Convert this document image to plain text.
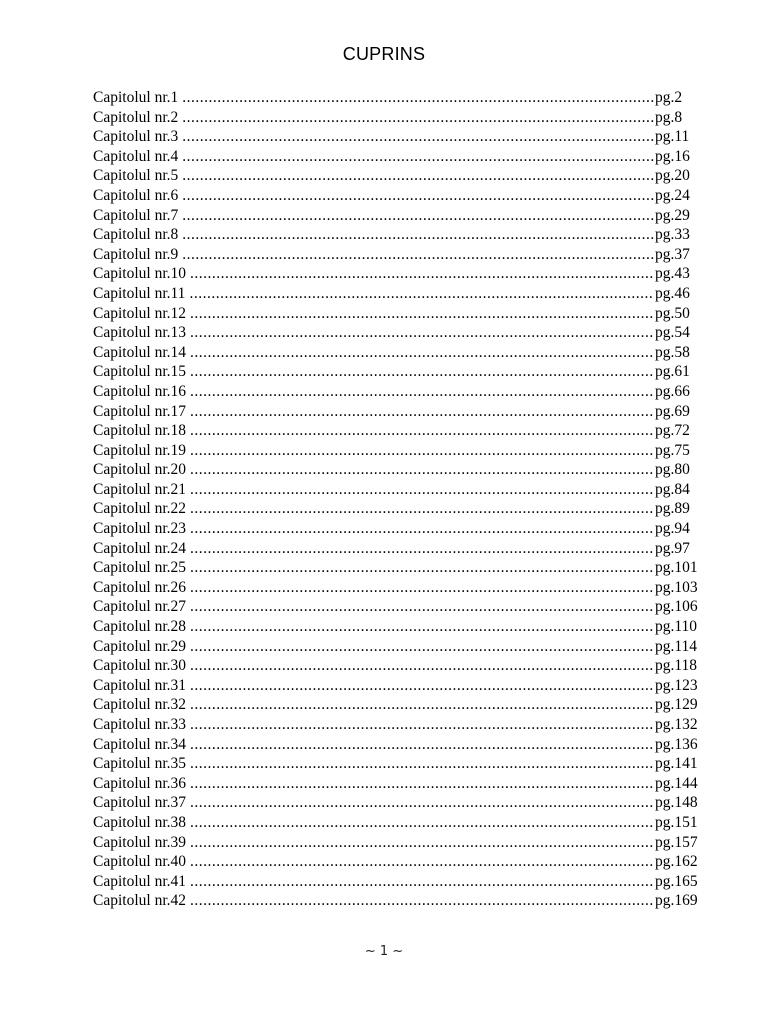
CUPRINS
Capitolul nr.1 .....	pg.2
Capitolul nr.2 .....	pg.8
Capitolul nr.3 .....	pg.11
Capitolul nr.4 .....	pg.16
Capitolul nr.5 .....	pg.20
Capitolul nr.6 .....	pg.24
Capitolul nr.7 .....	pg.29
Capitolul nr.8 .....	pg.33
Capitolul nr.9 .....	pg.37
Capitolul nr.10 .....	pg.43
Capitolul nr.11 .....	pg.46
Capitolul nr.12 .....	pg.50
Capitolul nr.13 .....	pg.54
Capitolul nr.14 .....	pg.58
Capitolul nr.15 .....	pg.61
Capitolul nr.16 .....	pg.66
Capitolul nr.17 .....	pg.69
Capitolul nr.18 .....	pg.72
Capitolul nr.19 .....	pg.75
Capitolul nr.20 .....	pg.80
Capitolul nr.21 .....	pg.84
Capitolul nr.22 .....	pg.89
Capitolul nr.23 .....	pg.94
Capitolul nr.24 .....	pg.97
Capitolul nr.25 .....	pg.101
Capitolul nr.26 .....	pg.103
Capitolul nr.27 .....	pg.106
Capitolul nr.28 .....	pg.110
Capitolul nr.29 .....	pg.114
Capitolul nr.30 .....	pg.118
Capitolul nr.31 .....	pg.123
Capitolul nr.32 .....	pg.129
Capitolul nr.33 .....	pg.132
Capitolul nr.34 .....	pg.136
Capitolul nr.35 .....	pg.141
Capitolul nr.36 .....	pg.144
Capitolul nr.37 .....	pg.148
Capitolul nr.38 .....	pg.151
Capitolul nr.39 .....	pg.157
Capitolul nr.40 .....	pg.162
Capitolul nr.41 .....	pg.165
Capitolul nr.42 .....	pg.169
~ 1 ~
